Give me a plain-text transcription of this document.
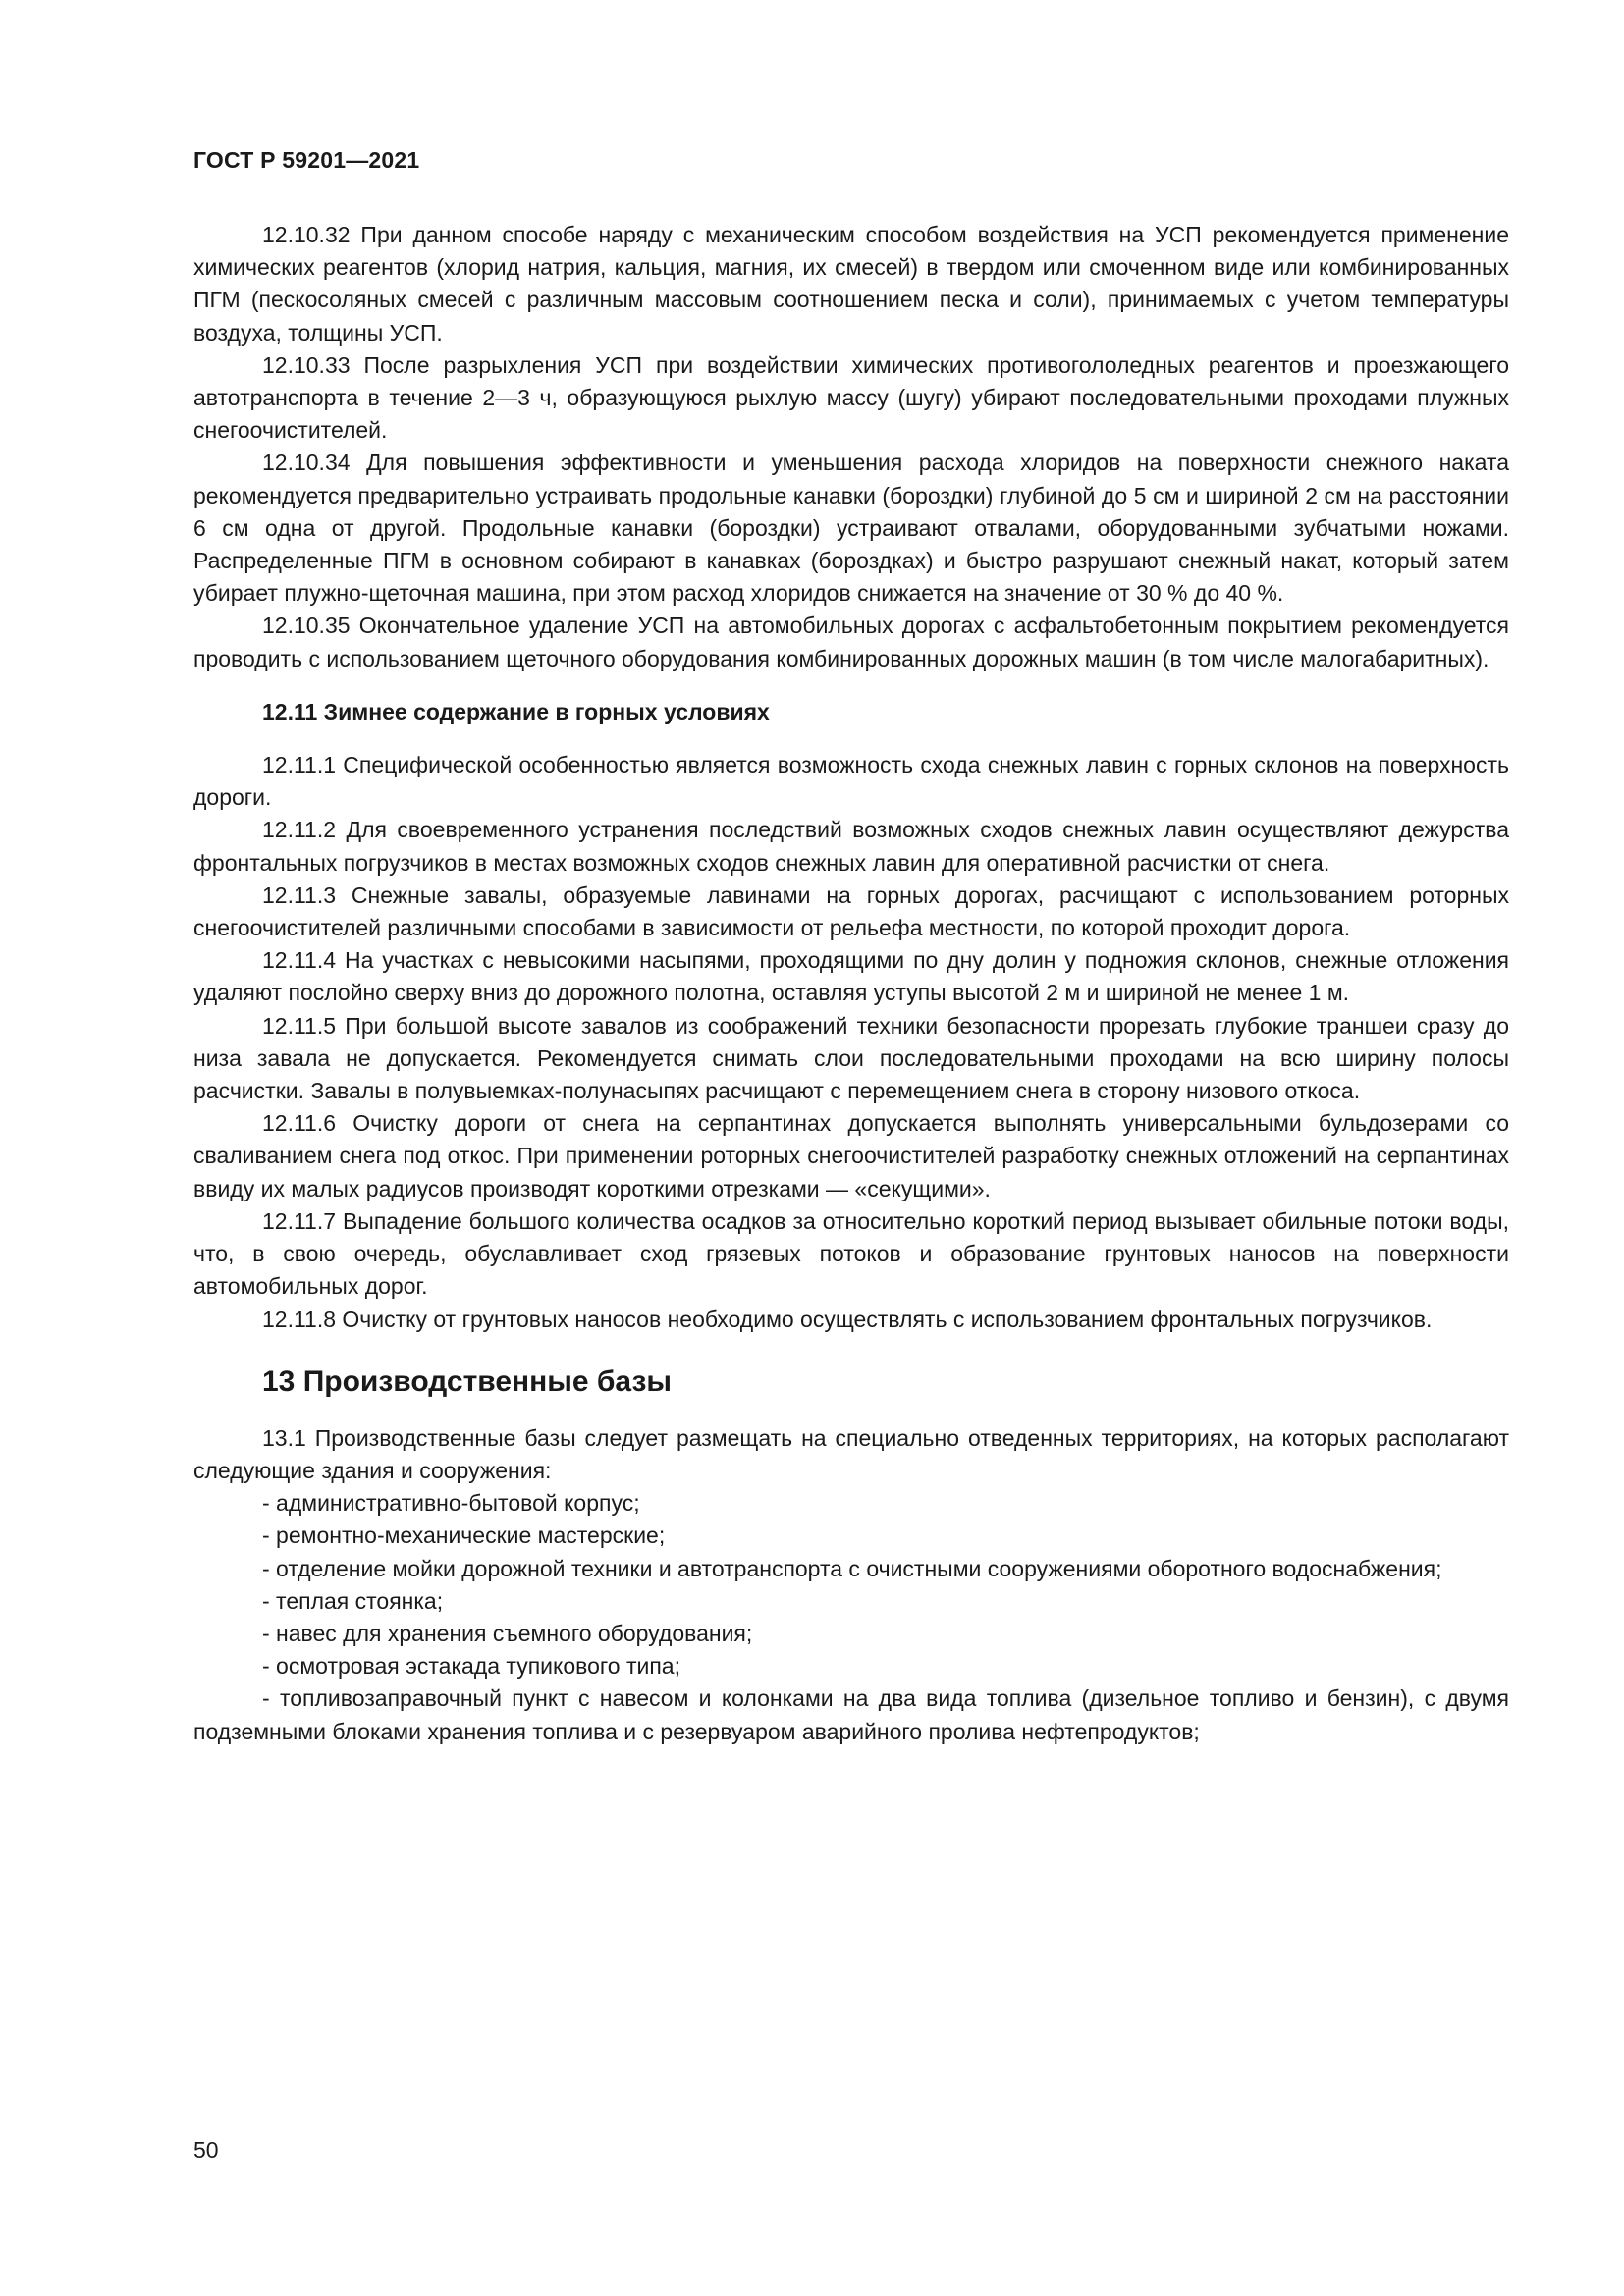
ГОСТ Р 59201—2021

12.10.32 При данном способе наряду с механическим способом воздействия на УСП рекомендуется применение химических реагентов (хлорид натрия, кальция, магния, их смесей) в твердом или смоченном виде или комбинированных ПГМ (пескосоляных смесей с различным массовым соотношением песка и соли), принимаемых с учетом температуры воздуха, толщины УСП.

12.10.33 После разрыхления УСП при воздействии химических противогололедных реагентов и проезжающего автотранспорта в течение 2—3 ч, образующуюся рыхлую массу (шугу) убирают последовательными проходами плужных снегоочистителей.

12.10.34 Для повышения эффективности и уменьшения расхода хлоридов на поверхности снежного наката рекомендуется предварительно устраивать продольные канавки (бороздки) глубиной до 5 см и шириной 2 см на расстоянии 6 см одна от другой. Продольные канавки (бороздки) устраивают отвалами, оборудованными зубчатыми ножами. Распределенные ПГМ в основном собирают в канавках (бороздках) и быстро разрушают снежный накат, который затем убирает плужно-щеточная машина, при этом расход хлоридов снижается на значение от 30 % до 40 %.

12.10.35 Окончательное удаление УСП на автомобильных дорогах с асфальтобетонным покрытием рекомендуется проводить с использованием щеточного оборудования комбинированных дорожных машин (в том числе малогабаритных).

12.11 Зимнее содержание в горных условиях

12.11.1 Специфической особенностью является возможность схода снежных лавин с горных склонов на поверхность дороги.

12.11.2 Для своевременного устранения последствий возможных сходов снежных лавин осуществляют дежурства фронтальных погрузчиков в местах возможных сходов снежных лавин для оперативной расчистки от снега.

12.11.3 Снежные завалы, образуемые лавинами на горных дорогах, расчищают с использованием роторных снегоочистителей различными способами в зависимости от рельефа местности, по которой проходит дорога.

12.11.4 На участках с невысокими насыпями, проходящими по дну долин у подножия склонов, снежные отложения удаляют послойно сверху вниз до дорожного полотна, оставляя уступы высотой 2 м и шириной не менее 1 м.

12.11.5 При большой высоте завалов из соображений техники безопасности прорезать глубокие траншеи сразу до низа завала не допускается. Рекомендуется снимать слои последовательными проходами на всю ширину полосы расчистки. Завалы в полувыемках-полунасыпях расчищают с перемещением снега в сторону низового откоса.

12.11.6 Очистку дороги от снега на серпантинах допускается выполнять универсальными бульдозерами со сваливанием снега под откос. При применении роторных снегоочистителей разработку снежных отложений на серпантинах ввиду их малых радиусов производят короткими отрезками — «секущими».

12.11.7 Выпадение большого количества осадков за относительно короткий период вызывает обильные потоки воды, что, в свою очередь, обуславливает сход грязевых потоков и образование грунтовых наносов на поверхности автомобильных дорог.

12.11.8 Очистку от грунтовых наносов необходимо осуществлять с использованием фронтальных погрузчиков.

13 Производственные базы

13.1 Производственные базы следует размещать на специально отведенных территориях, на которых располагают следующие здания и сооружения:

- административно-бытовой корпус;

- ремонтно-механические мастерские;

- отделение мойки дорожной техники и автотранспорта с очистными сооружениями оборотного водоснабжения;

- теплая стоянка;

- навес для хранения съемного оборудования;

- осмотровая эстакада тупикового типа;

- топливозаправочный пункт с навесом и колонками на два вида топлива (дизельное топливо и бензин), с двумя подземными блоками хранения топлива и с резервуаром аварийного пролива нефтепродуктов;

50
